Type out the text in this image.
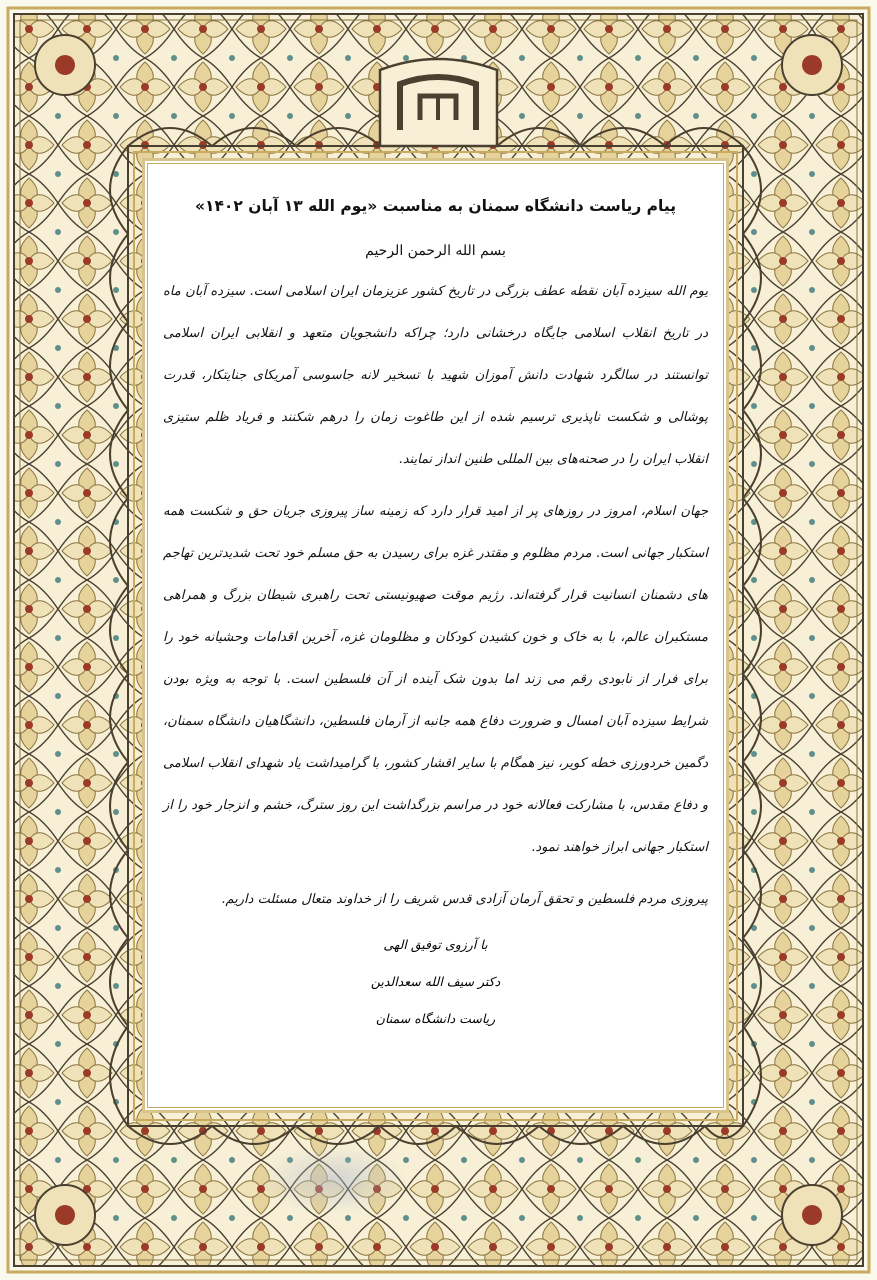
پیام ریاست دانشگاه سمنان به مناسبت «یوم الله ۱۳ آبان ۱۴۰۲»
بسم الله الرحمن الرحیم

یوم الله سیزده آبان نقطه عطف بزرگی در تاریخ کشور عزیزمان ایران اسلامی است. سیزده آبان ماه در تاریخ انقلاب اسلامی جایگاه درخشانی دارد؛ چراکه دانشجویان متعهد و انقلابی ایران اسلامی توانستند در سالگرد شهادت دانش آموزان شهید با تسخیر لانه جاسوسی آمریکای جنایتکار، قدرت پوشالی و شکست ناپذیری ترسیم شده از این طاغوت زمان را درهم شکنند و فریاد ظلم ستیزی انقلاب ایران را در صحنه‌های بین المللی طنین انداز نمایند.

جهان اسلام، امروز در روزهای پر از امید قرار دارد که زمینه ساز پیروزی جریان حق و شکست همه استکبار جهانی است. مردم مظلوم و مقتدر غزه برای رسیدن به حق مسلم خود تحت شدیدترین تهاجم های دشمنان انسانیت قرار گرفته‌اند. رژیم موقت صهیونیستی تحت راهبری شیطان بزرگ و همراهی مستکبران عالم، با به خاک و خون کشیدن کودکان و مظلومان غزه، آخرین اقدامات وحشیانه خود را برای فرار از نابودی رقم می زند اما بدون شک آینده از آن فلسطین است. با توجه به ویژه بودن شرایط سیزده آبان امسال و ضرورت دفاع همه جانبه از آرمان فلسطین، دانشگاهیان دانشگاه سمنان، دگمین خردورزی خطه کویر، نیز همگام با سایر اقشار کشور، با گرامیداشت یاد شهدای انقلاب اسلامی و دفاع مقدس، با مشارکت فعالانه خود در مراسم بزرگداشت این روز سترگ، خشم و انزجار خود را از استکبار جهانی ابراز خواهند نمود.

پیروزی مردم فلسطین و تحقق آرمان آزادی قدس شریف را از خداوند متعال مسئلت داریم.

با آرزوی توفیق الهی
دکتر سیف الله سعدالدین
ریاست دانشگاه سمنان
